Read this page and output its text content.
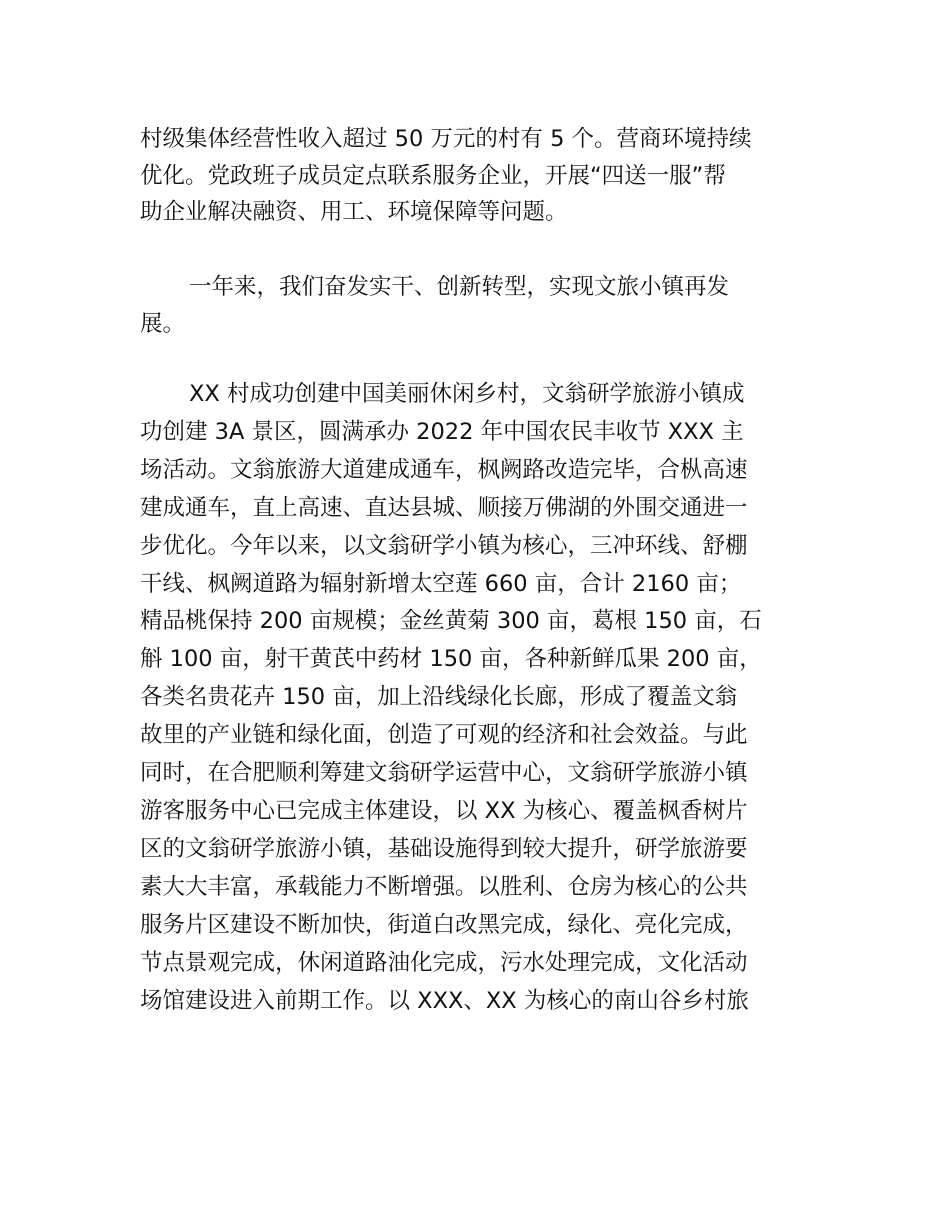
村级集体经营性收入超过 50 万元的村有 5 个。营商环境持续
优化。党政班子成员定点联系服务企业，开展“四送一服”帮
助企业解决融资、用工、环境保障等问题。
一年来，我们奋发实干、创新转型，实现文旅小镇再发
展。
XX 村成功创建中国美丽休闲乡村，文翁研学旅游小镇成
功创建 3A 景区，圆满承办 2022 年中国农民丰收节 XXX 主
场活动。文翁旅游大道建成通车，枫阙路改造完毕，合枞高速
建成通车，直上高速、直达县城、顺接万佛湖的外围交通进一
步优化。今年以来，以文翁研学小镇为核心，三冲环线、舒棚
干线、枫阙道路为辐射新增太空莲 660 亩，合计 2160 亩；
精品桃保持 200 亩规模；金丝黄菊 300 亩，葛根 150 亩，石
斛 100 亩，射干黄芪中药材 150 亩，各种新鲜瓜果 200 亩，
各类名贵花卉 150 亩，加上沿线绿化长廊，形成了覆盖文翁
故里的产业链和绿化面，创造了可观的经济和社会效益。与此
同时，在合肥顺利筹建文翁研学运营中心，文翁研学旅游小镇
游客服务中心已完成主体建设，以 XX 为核心、覆盖枫香树片
区的文翁研学旅游小镇，基础设施得到较大提升，研学旅游要
素大大丰富，承载能力不断增强。以胜利、仓房为核心的公共
服务片区建设不断加快，街道白改黑完成，绿化、亮化完成，
节点景观完成，休闲道路油化完成，污水处理完成，文化活动
场馆建设进入前期工作。以 XXX、XX 为核心的南山谷乡村旅
